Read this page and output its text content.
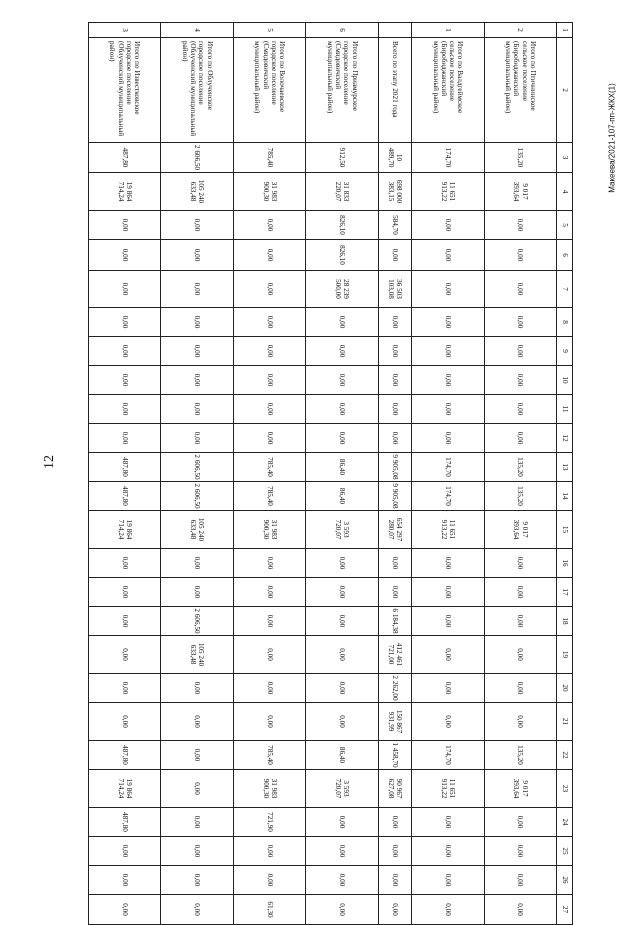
12
Макеева/2021-107-пп-ЖКХ(1)
1	2	3	4	5	6	7	8	9	10	11	12	13	14	15	16	17	18	19	20	21	22	23	24	25	26	27
2	Итого по Птичнинское сельское поселение (Биробиджанский муниципальный район)	135,20	9 017 393,64	0,00	0,00	0,00	0,00	0,00	0,00	0,00	0,00	135,20	135,20	9 017 393,64	0,00	0,00	0,00	0,00	0,00	0,00	135,20	9 017 393,64	0,00	0,00	0,00	0,00
1	Итого по Валдгеймское сельское поселение (Биробиджанский муниципальный район)	174,70	11 651 913,22	0,00	0,00	0,00	0,00	0,00	0,00	0,00	0,00	174,70	174,70	11 651 913,22	0,00	0,00	0,00	0,00	0,00	0,00	174,70	11 651 913,22	0,00	0,00	0,00	0,00
	Всего по этапу 2021 года	10 489,70	698 000 383,15	584,70	0,00	36 503 103,08	0,00	0,00	0,00	0,00	0,00	9 905,08	9 905,08	654 297 280,07	0,00	0,00	6 184,38	412 461 721,00	2 262,00	150 867 931,99	1 458,70	90 967 627,08	0,00	0,00	0,00	0,00
6	Итого по Приамурское городское поселение (Смидовичский муниципальный район)	912,50	31 833 220,07	826,10	826,10	28 239 500,00	0,00	0,00	0,00	0,00	0,00	86,40	86,40	3 593 720,07	0,00	0,00	0,00	0,00	0,00	0,00	86,40	3 593 720,07	0,00	0,00	0,00	0,00
5	Итого по Волочаевское городское поселение (Смидовичский муниципальный район)	785,40	31 983 900,30	0,00	0,00	0,00	0,00	0,00	0,00	0,00	0,00	785,40	785,40	31 983 900,30	0,00	0,00	0,00	0,00	0,00	0,00	785,40	31 983 900,30	721,90	0,00	0,00	61,30
4	Итого по Облученское городское поселение (Облученский муниципальный район)	2 606,50	105 240 633,48	0,00	0,00	0,00	0,00	0,00	0,00	0,00	0,00	2 606,50	2 606,50	105 240 633,48	0,00	0,00	2 606,50	105 240 633,48	0,00	0,00	0,00	0,00	0,00	0,00	0,00	0,00
3	Итого по Известковское городское поселение (Облученский муниципальный район)	487,80	19 864 714,24	0,00	0,00	0,00	0,00	0,00	0,00	0,00	0,00	487,80	487,80	19 864 714,24	0,00	0,00	0,00	0,00	0,00	0,00	487,80	19 864 714,24	487,80	0,00	0,00	0,00
